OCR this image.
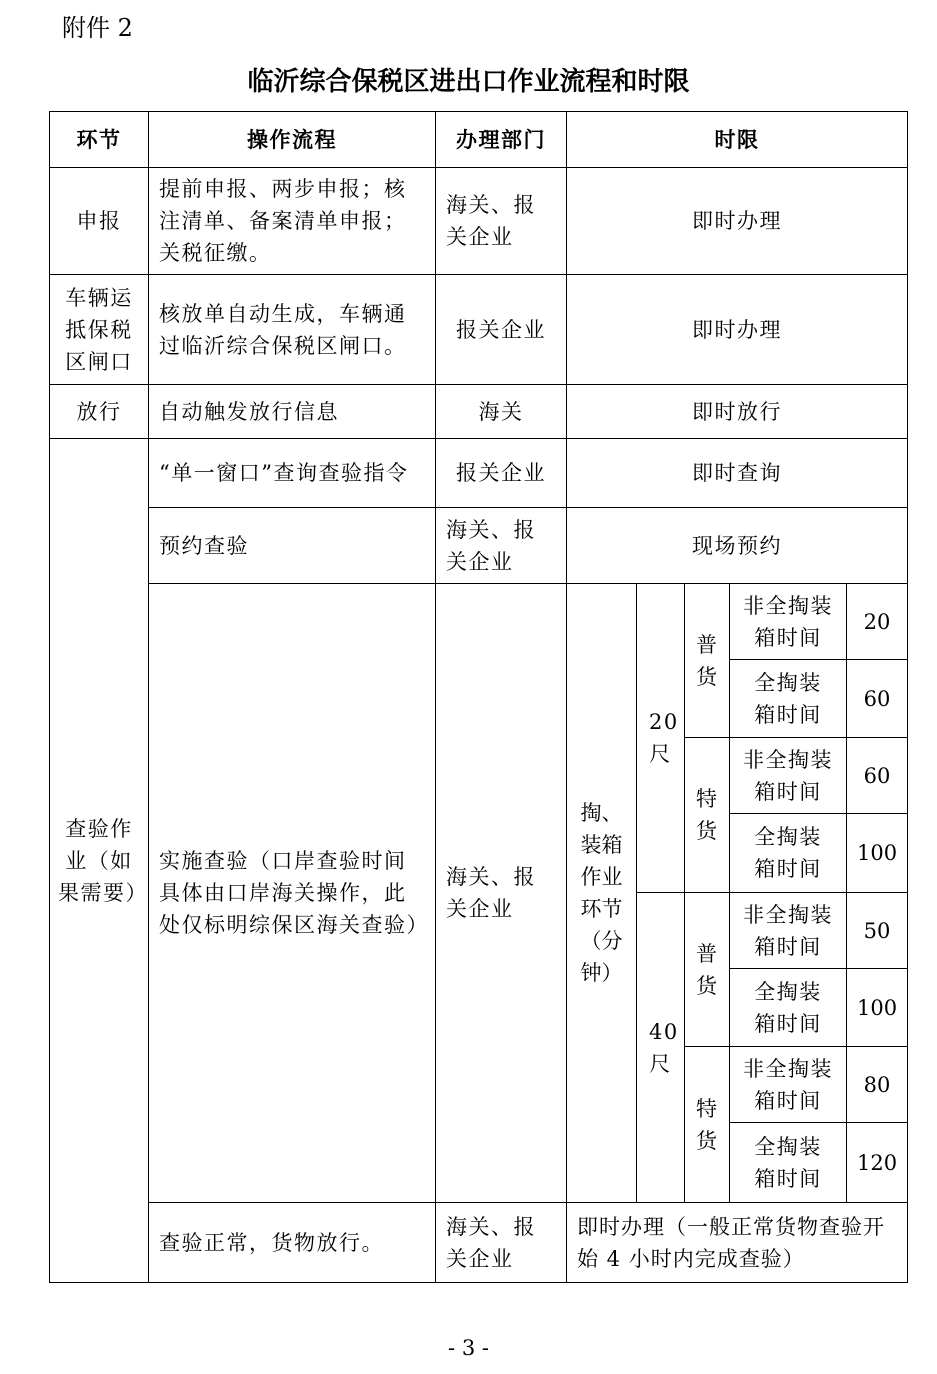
附件 2
临沂综合保税区进出口作业流程和时限
环节	操作流程	办理部门	时限				
申报	提前申报、两步申报；核注清单、备案清单申报；关税征缴。	海关、报关企业	即时办理				
车辆运抵保税区闸口	核放单自动生成，车辆通过临沂综合保税区闸口。	报关企业	即时办理				
放行	自动触发放行信息	海关	即时放行				
查验作业（如果需要）	“单一窗口”查询查验指令	报关企业	即时查询				
	预约查验	海关、报关企业	现场预约				
	实施查验（口岸查验时间具体由口岸海关操作，此处仅标明综保区海关查验）	海关、报关企业	掏、装箱作业环节（分钟）	20尺	普货	非全掏装箱时间	20
						全掏装箱时间	60
					特货	非全掏装箱时间	60
						全掏装箱时间	100
				40尺	普货	非全掏装箱时间	50
						全掏装箱时间	100
					特货	非全掏装箱时间	80
						全掏装箱时间	120
	查验正常，货物放行。	海关、报关企业	即时办理（一般正常货物查验开始 4 小时内完成查验）				
- 3 -
